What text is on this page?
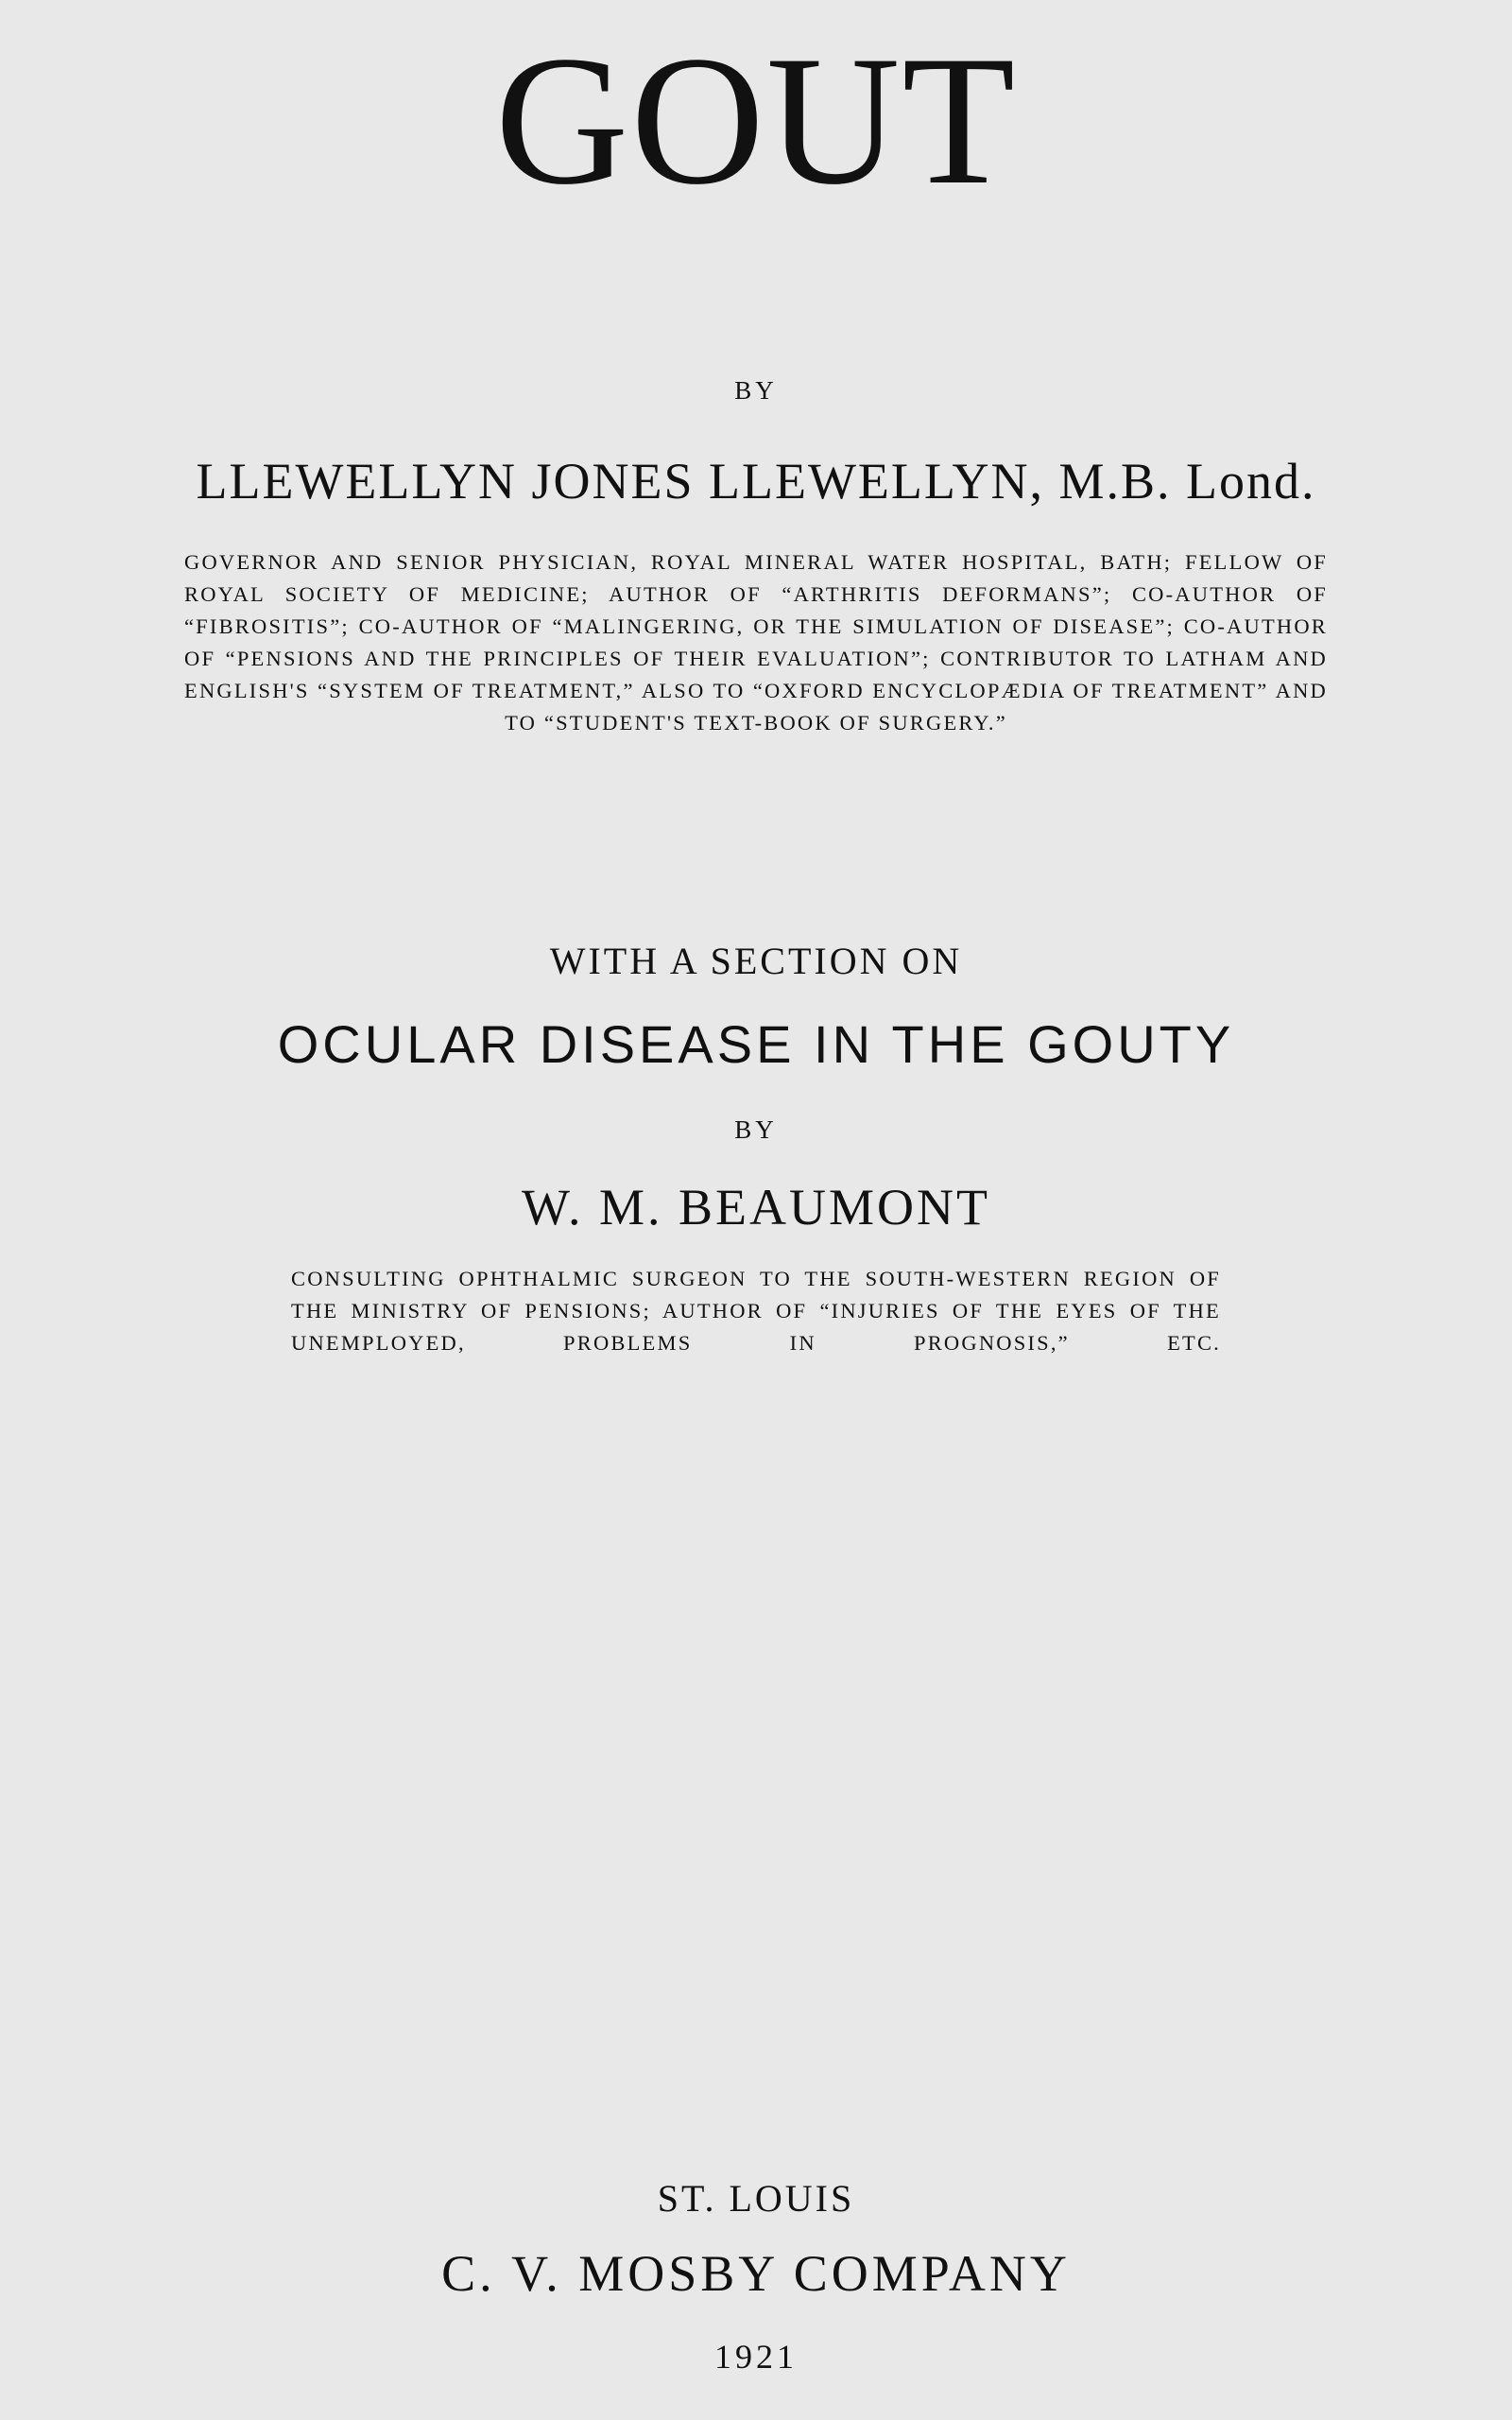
GOUT
BY
LLEWELLYN JONES LLEWELLYN, M.B. Lond.

GOVERNOR AND SENIOR PHYSICIAN, ROYAL MINERAL WATER HOSPITAL, BATH; FELLOW OF ROYAL SOCIETY OF MEDICINE; AUTHOR OF “ARTHRITIS DEFORMANS”; CO-AUTHOR OF “FIBROSITIS”; CO-AUTHOR OF “MALINGERING, OR THE SIMULATION OF DISEASE”; CO-AUTHOR OF “PENSIONS AND THE PRINCIPLES OF THEIR EVALUATION”; CONTRIBUTOR TO LATHAM AND ENGLISH'S “SYSTEM OF TREATMENT,” ALSO TO “OXFORD ENCYCLOPÆDIA OF TREATMENT” AND TO “STUDENT'S TEXT-BOOK OF SURGERY.”

WITH A SECTION ON
OCULAR DISEASE IN THE GOUTY
BY
W. M. BEAUMONT

CONSULTING OPHTHALMIC SURGEON TO THE SOUTH-WESTERN REGION OF THE MINISTRY OF PENSIONS; AUTHOR OF “INJURIES OF THE EYES OF THE UNEMPLOYED, PROBLEMS IN PROGNOSIS,” ETC.

ST. LOUIS
C. V. MOSBY COMPANY
1921
